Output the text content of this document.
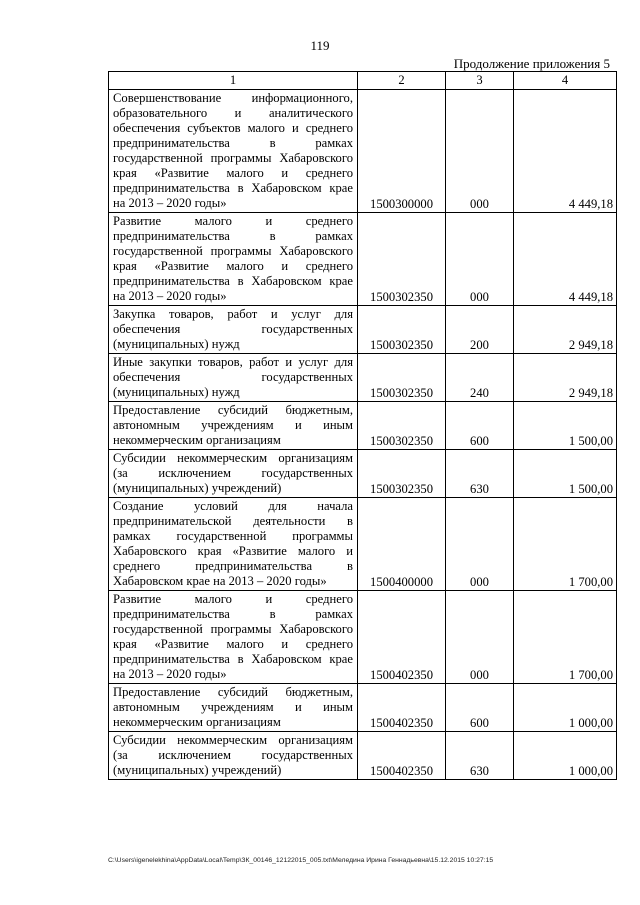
119
Продолжение приложения 5
1	2	3	4
Совершенствование информационного, образовательного и аналитического обеспечения субъектов малого и среднего предпринимательства в рамках государственной программы Хабаровского края «Развитие малого и среднего предпринимательства в Хабаровском крае на 2013 – 2020 годы»	1500300000	000	4 449,18
Развитие малого и среднего предпринимательства в рамках государственной программы Хабаровского края «Развитие малого и среднего предпринимательства в Хабаровском крае на 2013 – 2020 годы»	1500302350	000	4 449,18
Закупка товаров, работ и услуг для обеспечения государственных (муниципальных) нужд	1500302350	200	2 949,18
Иные закупки товаров, работ и услуг для обеспечения государственных (муниципальных) нужд	1500302350	240	2 949,18
Предоставление субсидий бюджетным, автономным учреждениям и иным некоммерческим организациям	1500302350	600	1 500,00
Субсидии некоммерческим организациям (за исключением государственных (муниципальных) учреждений)	1500302350	630	1 500,00
Создание условий для начала предпринимательской деятельности в рамках государственной программы Хабаровского края «Развитие малого и среднего предпринимательства в Хабаровском крае на 2013 – 2020 годы»	1500400000	000	1 700,00
Развитие малого и среднего предпринимательства в рамках государственной программы Хабаровского края «Развитие малого и среднего предпринимательства в Хабаровском крае на 2013 – 2020 годы»	1500402350	000	1 700,00
Предоставление субсидий бюджетным, автономным учреждениям и иным некоммерческим организациям	1500402350	600	1 000,00
Субсидии некоммерческим организациям (за исключением государственных (муниципальных) учреждений)	1500402350	630	1 000,00
C:\Users\igenelekhina\AppData\Local\Temp\ЗК_00146_12122015_005.txt\Меледина Ирина Геннадьевна\15.12.2015 10:27:15
